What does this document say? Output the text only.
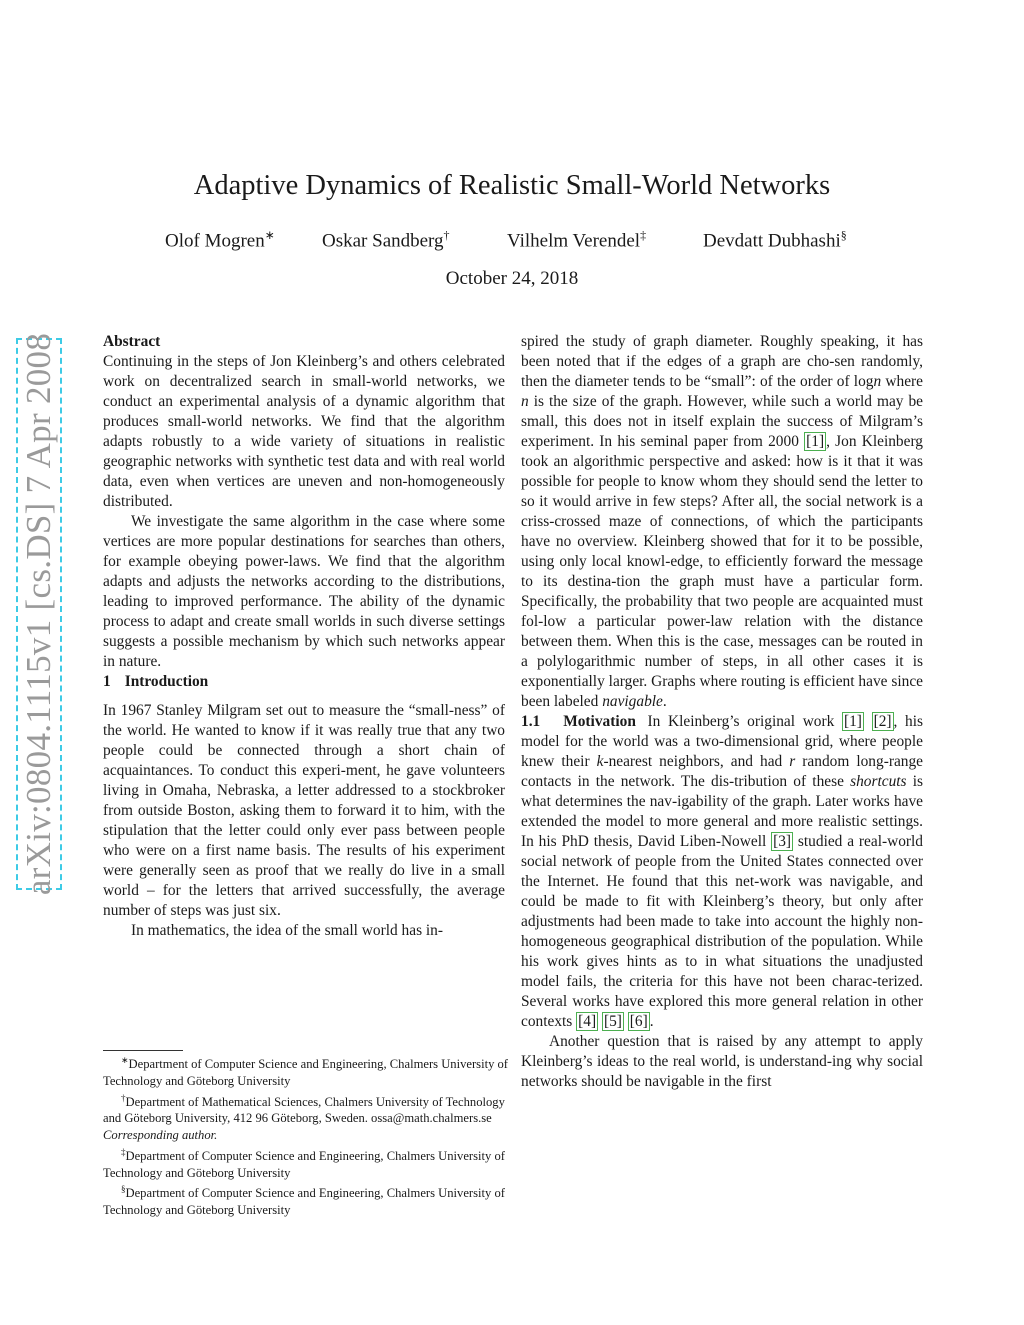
arXiv:0804.1115v1 [cs.DS] 7 Apr 2008
Adaptive Dynamics of Realistic Small-World Networks
Olof Mogren∗ Oskar Sandberg†	Vilhelm Verendel‡	Devdatt Dubhashi§
October 24, 2018

Abstract

Continuing in the steps of Jon Kleinberg’s and others celebrated work on decentralized search in small-world networks, we conduct an experimental analysis of a dynamic algorithm that produces small-world networks. We find that the algorithm adapts robustly to a wide variety of situations in realistic geographic networks with synthetic test data and with real world data, even when vertices are uneven and non-homogeneously distributed.

We investigate the same algorithm in the case where some vertices are more popular destinations for searches than others, for example obeying power-laws. We find that the algorithm adapts and adjusts the networks according to the distributions, leading to improved performance. The ability of the dynamic process to adapt and create small worlds in such diverse settings suggests a possible mechanism by which such networks appear in nature.

1 Introduction

In 1967 Stanley Milgram set out to measure the “small-ness” of the world. He wanted to know if it was really true that any two people could be connected through a short chain of acquaintances. To conduct this experi-ment, he gave volunteers living in Omaha, Nebraska, a letter addressed to a stockbroker from outside Boston, asking them to forward it to him, with the stipulation that the letter could only ever pass between people who were on a first name basis. The results of his experiment were generally seen as proof that we really do live in a small world – for the letters that arrived successfully, the average number of steps was just six.

In mathematics, the idea of the small world has in-

spired the study of graph diameter. Roughly speaking, it has been noted that if the edges of a graph are cho-sen randomly, then the diameter tends to be “small”: of the order of logn where n is the size of the graph. However, while such a world may be small, this does not in itself explain the success of Milgram’s experiment. In his seminal paper from 2000 [1] , Jon Kleinberg took an algorithmic perspective and asked: how is it that it was possible for people to know whom they should send the letter to so it would arrive in few steps? After all, the social network is a criss-crossed maze of connections, of which the participants have no overview. Kleinberg showed that for it to be possible, using only local knowl-edge, to efficiently forward the message to its destina-tion the graph must have a particular form. Specifically, the probability that two people are acquainted must fol-low a particular power-law relation with the distance between them. When this is the case, messages can be routed in a polylogarithmic number of steps, in all other cases it is exponentially larger. Graphs where routing is efficient have since been labeled navigable.

1.1 Motivation In Kleinberg’s original work [1] [2] , his model for the world was a two-dimensional grid, where people knew their k-nearest neighbors, and had r random long-range contacts in the network. The dis-tribution of these shortcuts is what determines the nav-igability of the graph. Later works have extended the model to more general and more realistic settings. In his PhD thesis, David Liben-Nowell [3] studied a real-world social network of people from the United States connected over the Internet. He found that this net-work was navigable, and could be made to fit with Kleinberg’s theory, but only after adjustments had been made to take into account the highly non-homogeneous geographical distribution of the population. While his work gives hints as to in what situations the unadjusted model fails, the criteria for this have not been charac-terized. Several works have explored this more general relation in other contexts [4] [5] [6] .

Another question that is raised by any attempt to apply Kleinberg’s ideas to the real world, is understand-ing why social networks should be navigable in the first

∗Department of Computer Science and Engineering, Chalmers University of Technology and Göteborg University

†Department of Mathematical Sciences, Chalmers University of Technology and Göteborg University, 412 96 Göteborg, Sweden. ossa@math.chalmers.se Corresponding author.

‡Department of Computer Science and Engineering, Chalmers University of Technology and Göteborg University

§Department of Computer Science and Engineering, Chalmers University of Technology and Göteborg University
